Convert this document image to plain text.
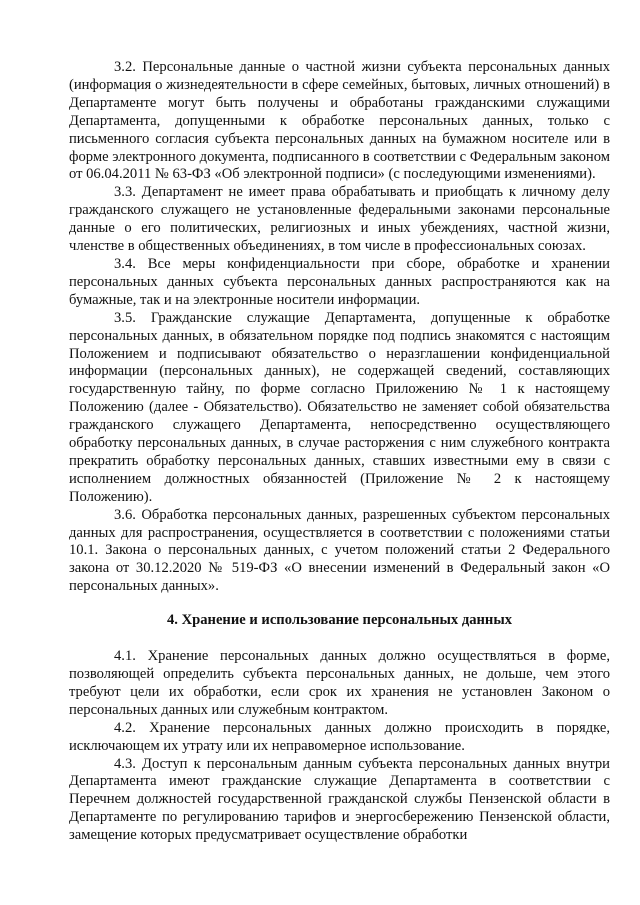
3.2. Персональные данные о частной жизни субъекта персональных данных (информация о жизнедеятельности в сфере семейных, бытовых, личных отношений) в Департаменте могут быть получены и обработаны гражданскими служащими Департамента, допущенными к обработке персональных данных, только с письменного согласия субъекта персональных данных на бумажном носителе или в форме электронного документа, подписанного в соответствии с Федеральным законом от 06.04.2011 № 63-ФЗ «Об электронной подписи» (с последующими изменениями).

3.3. Департамент не имеет права обрабатывать и приобщать к личному делу гражданского служащего не установленные федеральными законами персональные данные о его политических, религиозных и иных убеждениях, частной жизни, членстве в общественных объединениях, в том числе в профессиональных союзах.

3.4. Все меры конфиденциальности при сборе, обработке и хранении персональных данных субъекта персональных данных распространяются как на бумажные, так и на электронные носители информации.

3.5. Гражданские служащие Департамента, допущенные к обработке персональных данных, в обязательном порядке под подпись знакомятся с настоящим Положением и подписывают обязательство о неразглашении конфиденциальной информации (персональных данных), не содержащей сведений, составляющих государственную тайну, по форме согласно Приложению № 1 к настоящему Положению (далее - Обязательство). Обязательство не заменяет собой обязательства гражданского служащего Департамента, непосредственно осуществляющего обработку персональных данных, в случае расторжения с ним служебного контракта прекратить обработку персональных данных, ставших известными ему в связи с исполнением должностных обязанностей (Приложение № 2 к настоящему Положению).

3.6. Обработка персональных данных, разрешенных субъектом персональных данных для распространения, осуществляется в соответствии с положениями статьи 10.1. Закона о персональных данных, с учетом положений статьи 2 Федерального закона от 30.12.2020 № 519-ФЗ «О внесении изменений в Федеральный закон «О персональных данных».

4. Хранение и использование персональных данных

4.1. Хранение персональных данных должно осуществляться в форме, позволяющей определить субъекта персональных данных, не дольше, чем этого требуют цели их обработки, если срок их хранения не установлен Законом о персональных данных или служебным контрактом.

4.2. Хранение персональных данных должно происходить в порядке, исключающем их утрату или их неправомерное использование.

4.3. Доступ к персональным данным субъекта персональных данных внутри Департамента имеют гражданские служащие Департамента в соответствии с Перечнем должностей государственной гражданской службы Пензенской области в Департаменте по регулированию тарифов и энергосбережению Пензенской области, замещение которых предусматривает осуществление обработки
